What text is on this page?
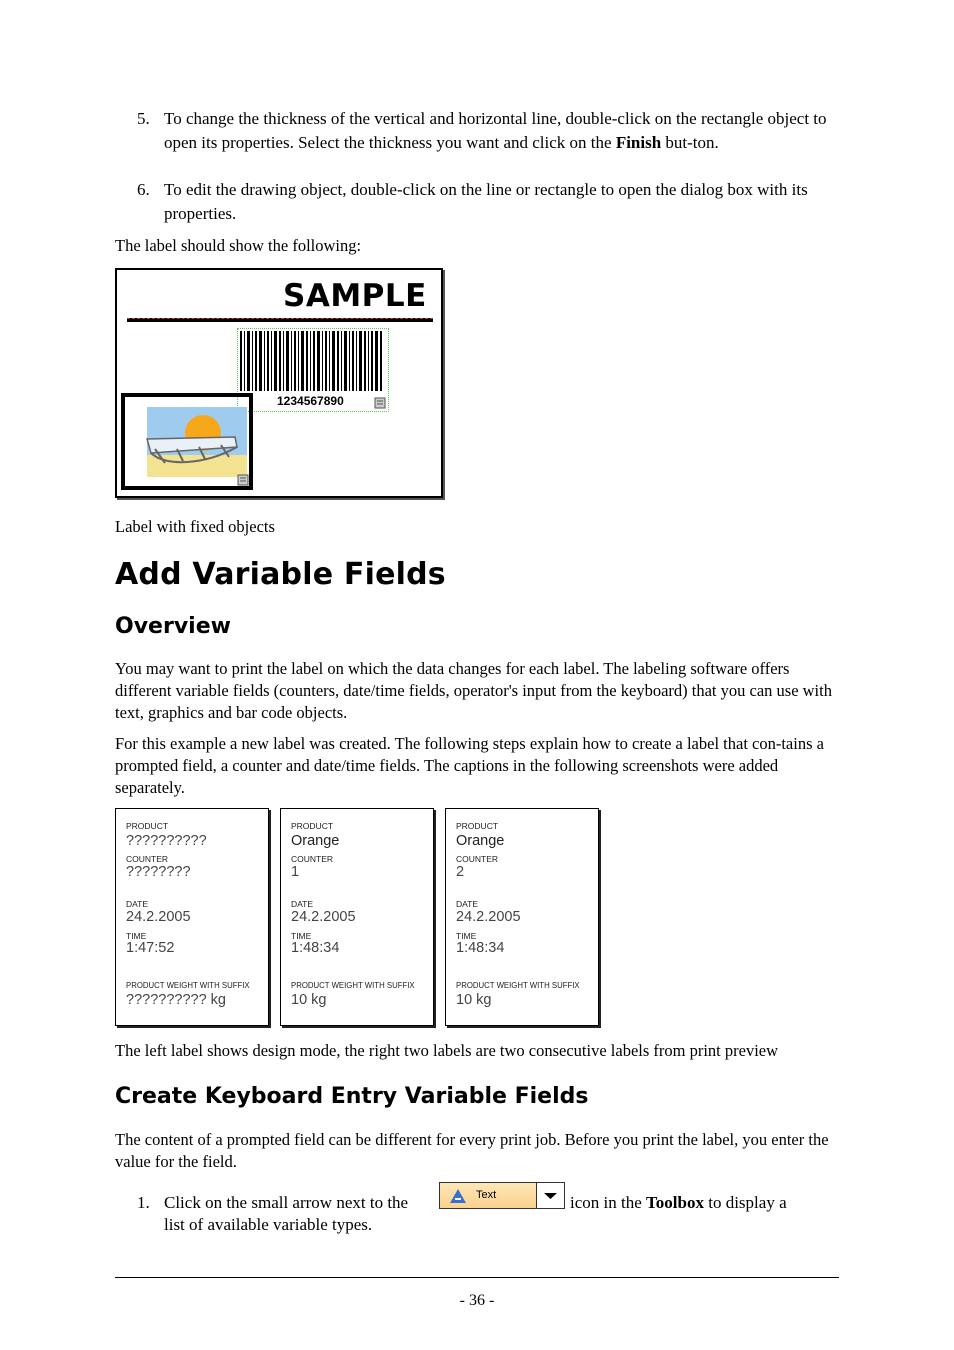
5. To change the thickness of the vertical and horizontal line, double-click on the rectangle object to open its properties. Select the thickness you want and click on the Finish but-ton.
6. To edit the drawing object, double-click on the line or rectangle to open the dialog box with its properties.
The label should show the following:
SAMPLE
1234567890
Label with fixed objects
Add Variable Fields
Overview
You may want to print the label on which the data changes for each label. The labeling software offers different variable fields (counters, date/time fields, operator's input from the keyboard) that you can use with text, graphics and bar code objects.
For this example a new label was created. The following steps explain how to create a label that con-tains a prompted field, a counter and date/time fields. The captions in the following screenshots were added separately.
PRODUCT
??????????
COUNTER
????????
DATE
24.2.2005
TIME
1:47:52
PRODUCT WEIGHT WITH SUFFIX
?????????? kg
PRODUCT
Orange
COUNTER
1
DATE
24.2.2005
TIME
1:48:34
PRODUCT WEIGHT WITH SUFFIX
10 kg
PRODUCT
Orange
COUNTER
2
DATE
24.2.2005
TIME
1:48:34
PRODUCT WEIGHT WITH SUFFIX
10 kg
The left label shows design mode, the right two labels are two consecutive labels from print preview
Create Keyboard Entry Variable Fields
The content of a prompted field can be different for every print job. Before you print the label, you enter the value for the field.
1. Click on the small arrow next to the	Text	icon in the Toolbox to display a
list of available variable types.
- 36 -
